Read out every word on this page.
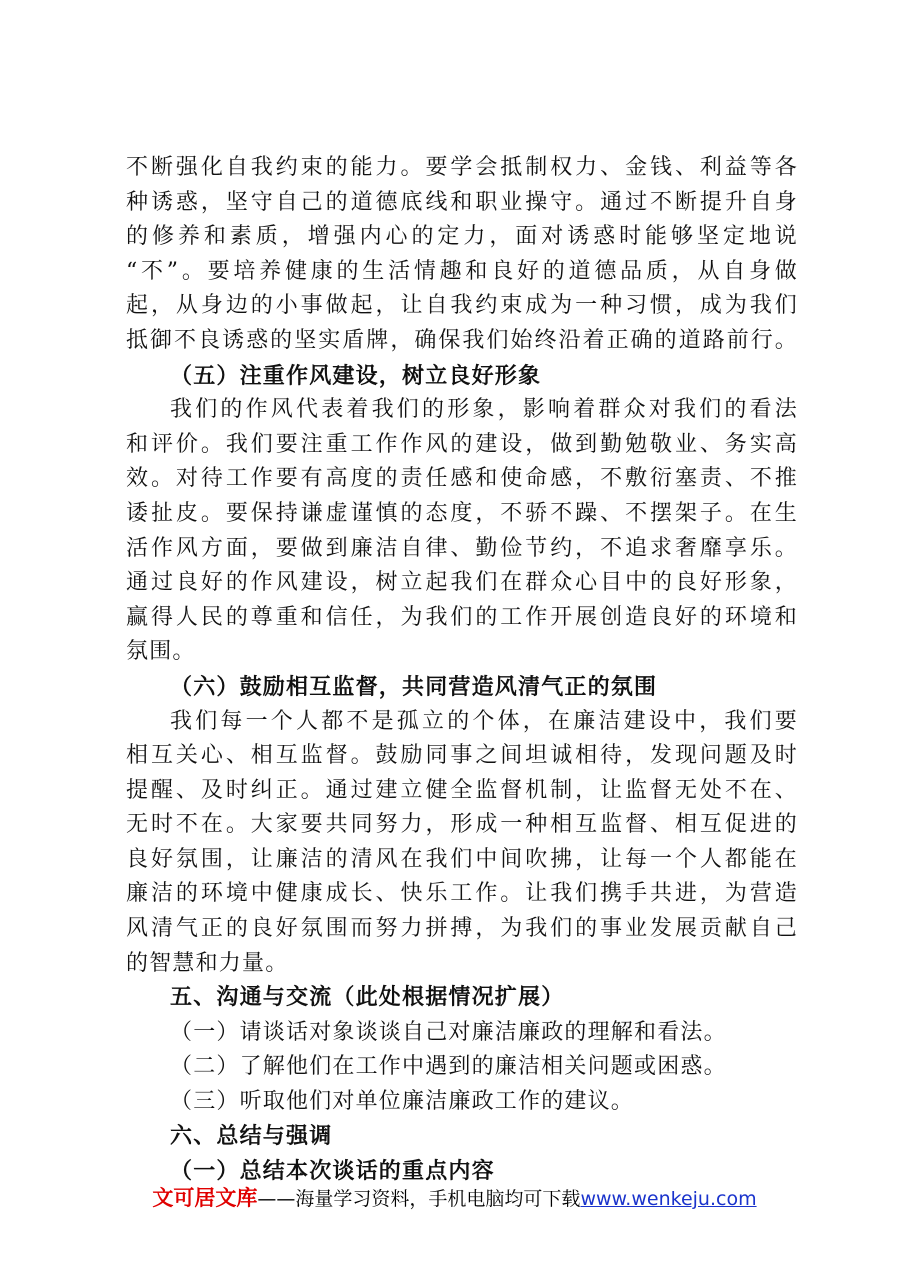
不断强化自我约束的能力。要学会抵制权力、金钱、利益等各
种诱惑，坚守自己的道德底线和职业操守。通过不断提升自身
的修养和素质，增强内心的定力，面对诱惑时能够坚定地说
“不”。要培养健康的生活情趣和良好的道德品质，从自身做
起，从身边的小事做起，让自我约束成为一种习惯，成为我们
抵御不良诱惑的坚实盾牌，确保我们始终沿着正确的道路前行。
（五）注重作风建设，树立良好形象
我们的作风代表着我们的形象，影响着群众对我们的看法
和评价。我们要注重工作作风的建设，做到勤勉敬业、务实高
效。对待工作要有高度的责任感和使命感，不敷衍塞责、不推
诿扯皮。要保持谦虚谨慎的态度，不骄不躁、不摆架子。在生
活作风方面，要做到廉洁自律、勤俭节约，不追求奢靡享乐。
通过良好的作风建设，树立起我们在群众心目中的良好形象，
赢得人民的尊重和信任，为我们的工作开展创造良好的环境和
氛围。
（六）鼓励相互监督，共同营造风清气正的氛围
我们每一个人都不是孤立的个体，在廉洁建设中，我们要
相互关心、相互监督。鼓励同事之间坦诚相待，发现问题及时
提醒、及时纠正。通过建立健全监督机制，让监督无处不在、
无时不在。大家要共同努力，形成一种相互监督、相互促进的
良好氛围，让廉洁的清风在我们中间吹拂，让每一个人都能在
廉洁的环境中健康成长、快乐工作。让我们携手共进，为营造
风清气正的良好氛围而努力拼搏，为我们的事业发展贡献自己
的智慧和力量。
五、沟通与交流（此处根据情况扩展）
（一）请谈话对象谈谈自己对廉洁廉政的理解和看法。
（二）了解他们在工作中遇到的廉洁相关问题或困惑。
（三）听取他们对单位廉洁廉政工作的建议。
六、总结与强调
（一）总结本次谈话的重点内容
文可居文库——海量学习资料，手机电脑均可下载www.wenkeju.com
